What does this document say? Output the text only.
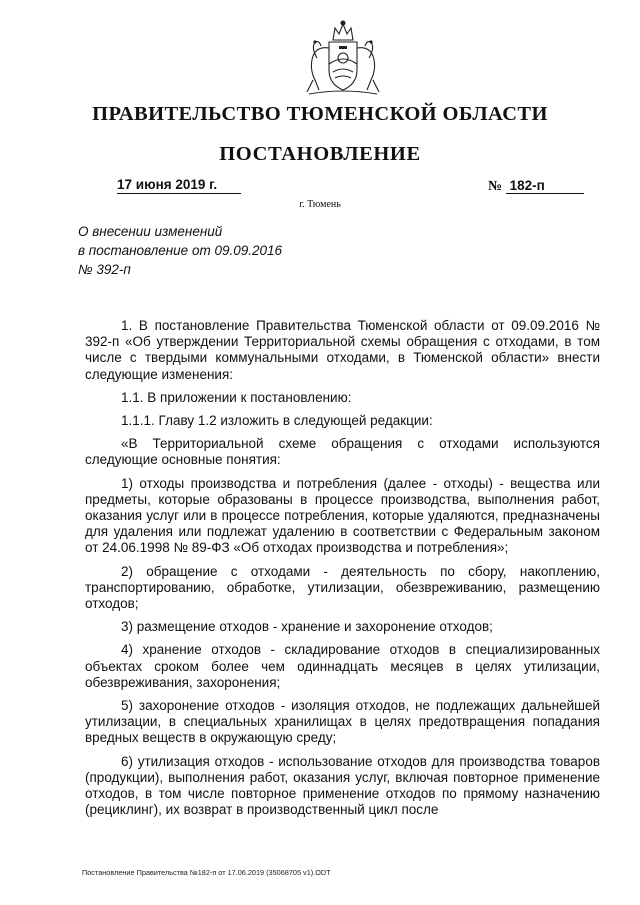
ПРАВИТЕЛЬСТВО ТЮМЕНСКОЙ ОБЛАСТИ
ПОСТАНОВЛЕНИЕ
17 июня 2019 г.	№ 182-п
г. Тюмень
О внесении изменений
в постановление от 09.09.2016
№ 392-п

1. В постановление Правительства Тюменской области от 09.09.2016 № 392-п «Об утверждении Территориальной схемы обращения с отходами, в том числе с твердыми коммунальными отходами, в Тюменской области» внести следующие изменения:

1.1. В приложении к постановлению:

1.1.1. Главу 1.2 изложить в следующей редакции:

«В Территориальной схеме обращения с отходами используются следующие основные понятия:

1) отходы производства и потребления (далее - отходы) - вещества или предметы, которые образованы в процессе производства, выполнения работ, оказания услуг или в процессе потребления, которые удаляются, предназначены для удаления или подлежат удалению в соответствии с Федеральным законом от 24.06.1998 № 89-ФЗ «Об отходах производства и потребления»;

2) обращение с отходами - деятельность по сбору, накоплению, транспортированию, обработке, утилизации, обезвреживанию, размещению отходов;

3) размещение отходов - хранение и захоронение отходов;

4) хранение отходов - складирование отходов в специализированных объектах сроком более чем одиннадцать месяцев в целях утилизации, обезвреживания, захоронения;

5) захоронение отходов - изоляция отходов, не подлежащих дальнейшей утилизации, в специальных хранилищах в целях предотвращения попадания вредных веществ в окружающую среду;

6) утилизация отходов - использование отходов для производства товаров (продукции), выполнения работ, оказания услуг, включая повторное применение отходов, в том числе повторное применение отходов по прямому назначению (рециклинг), их возврат в производственный цикл после

Постановление Правительства №182-п от 17.06.2019 (35068705 v1).ODT
